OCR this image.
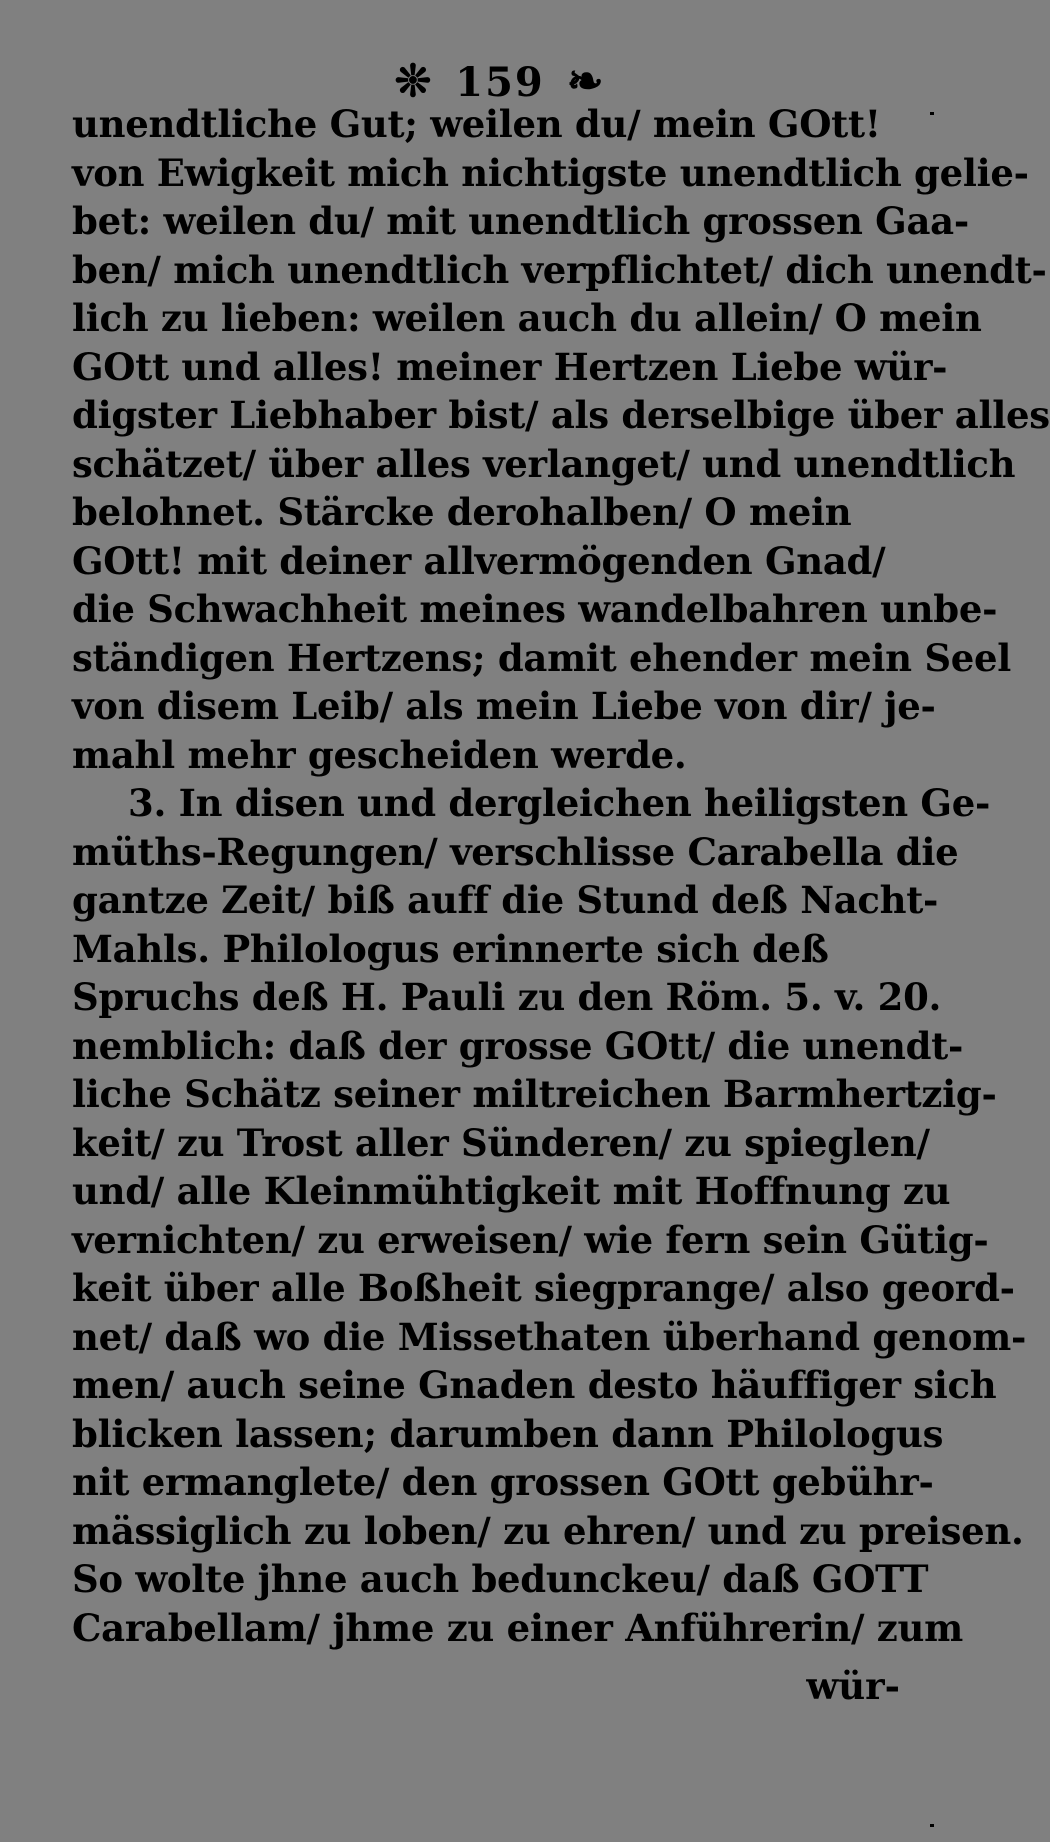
❊ 159 ❧
unendtliche Gut; weilen du/ mein GOtt!
von Ewigkeit mich nichtigste unendtlich gelie-
bet: weilen du/ mit unendtlich grossen Gaa-
ben/ mich unendtlich verpflichtet/ dich unendt-
lich zu lieben: weilen auch du allein/ O mein
GOtt und alles! meiner Hertzen Liebe wür-
digster Liebhaber bist/ als derselbige über alles
schätzet/ über alles verlanget/ und unendtlich
belohnet. Stärcke derohalben/ O mein
GOtt! mit deiner allvermögenden Gnad/
die Schwachheit meines wandelbahren unbe-
ständigen Hertzens; damit ehender mein Seel
von disem Leib/ als mein Liebe von dir/ je-
mahl mehr gescheiden werde.
3. In disen und dergleichen heiligsten Ge-
müths-Regungen/ verschlisse Carabella die
gantze Zeit/ biß auff die Stund deß Nacht-
Mahls. Philologus erinnerte sich deß
Spruchs deß H. Pauli zu den Röm. 5. v. 20.
nemblich: daß der grosse GOtt/ die unendt-
liche Schätz seiner miltreichen Barmhertzig-
keit/ zu Trost aller Sünderen/ zu spieglen/
und/ alle Kleinmühtigkeit mit Hoffnung zu
vernichten/ zu erweisen/ wie fern sein Gütig-
keit über alle Boßheit siegprange/ also geord-
net/ daß wo die Missethaten überhand genom-
men/ auch seine Gnaden desto häuffiger sich
blicken lassen; darumben dann Philologus
nit ermanglete/ den grossen GOtt gebühr-
mässiglich zu loben/ zu ehren/ und zu preisen.
So wolte jhne auch bedunckeu/ daß GOTT
Carabellam/ jhme zu einer Anführerin/ zum
wür-
